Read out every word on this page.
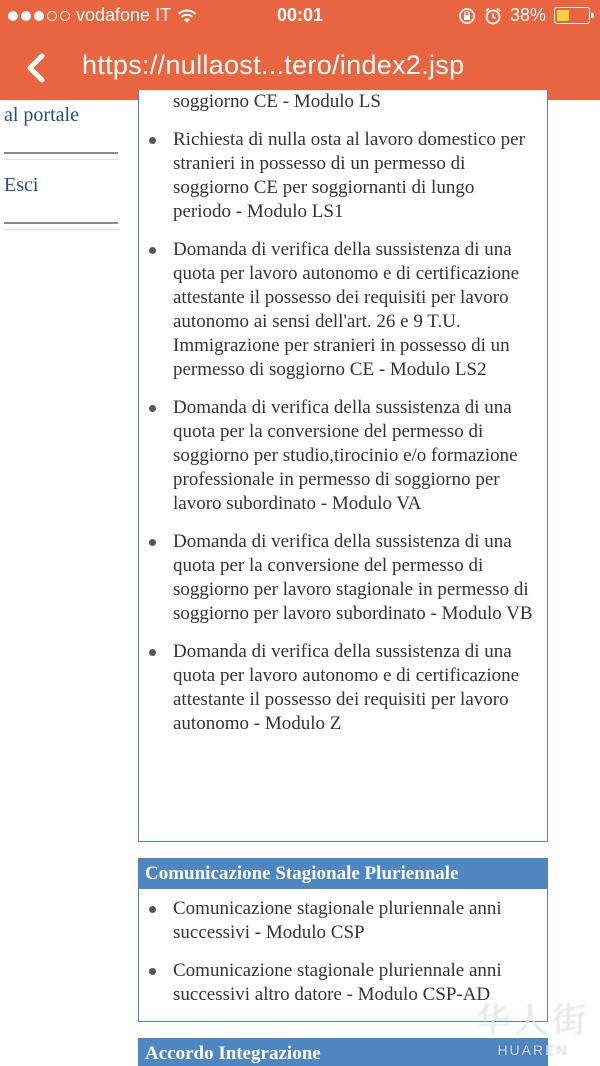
vodafone IT	00:01	38%
https://nullaost...tero/index2.jsp
al portale
Esci
soggiorno CE - Modulo LS
Richiesta di nulla osta al lavoro domestico per stranieri in possesso di un permesso di soggiorno CE per soggiornanti di lungo periodo - Modulo LS1
Domanda di verifica della sussistenza di una quota per lavoro autonomo e di certificazione attestante il possesso dei requisiti per lavoro autonomo ai sensi dell'art. 26 e 9 T.U. Immigrazione per stranieri in possesso di un permesso di soggiorno CE - Modulo LS2
Domanda di verifica della sussistenza di una quota per la conversione del permesso di soggiorno per studio,tirocinio e/o formazione professionale in permesso di soggiorno per lavoro subordinato - Modulo VA
Domanda di verifica della sussistenza di una quota per la conversione del permesso di soggiorno per lavoro stagionale in permesso di soggiorno per lavoro subordinato - Modulo VB
Domanda di verifica della sussistenza di una quota per lavoro autonomo e di certificazione attestante il possesso dei requisiti per lavoro autonomo - Modulo Z
Comunicazione Stagionale Pluriennale
Comunicazione stagionale pluriennale anni successivi - Modulo CSP
Comunicazione stagionale pluriennale anni successivi altro datore - Modulo CSP-AD
Accordo Integrazione
华人街
HUAREN
